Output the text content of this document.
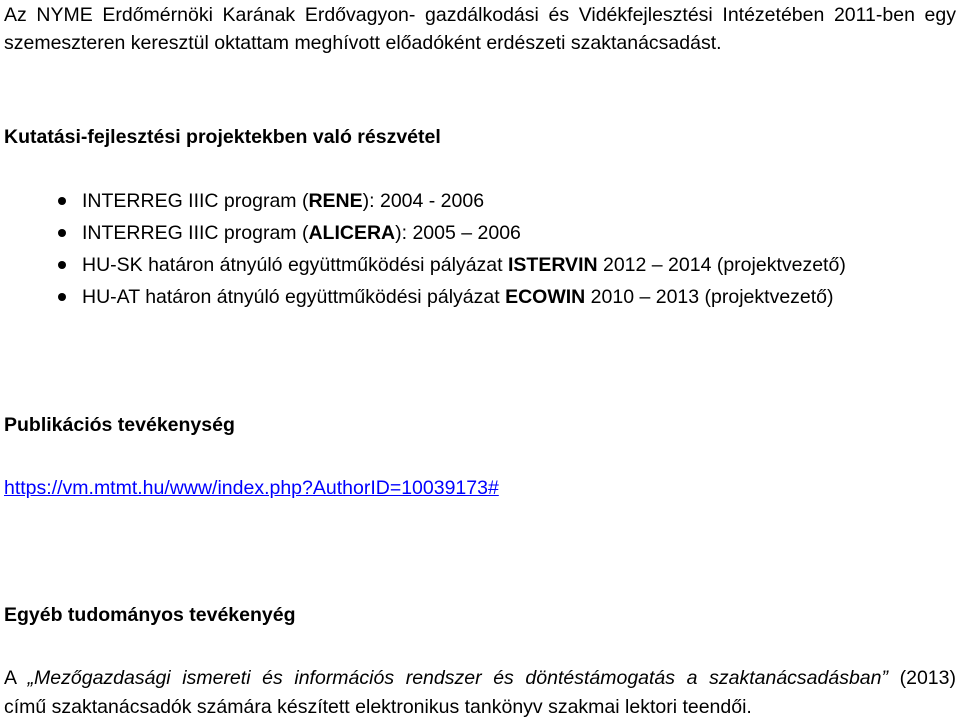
Az NYME Erdőmérnöki Karának Erdővagyon- gazdálkodási és Vidékfejlesztési Intézetében 2011-ben egy
szemeszteren keresztül oktattam meghívott előadóként erdészeti szaktanácsadást.
Kutatási-fejlesztési projektekben való részvétel
INTERREG IIIC program (RENE): 2004 - 2006
INTERREG IIIC program (ALICERA): 2005 – 2006
HU-SK határon átnyúló együttműködési pályázat ISTERVIN 2012 – 2014 (projektvezető)
HU-AT határon átnyúló együttműködési pályázat ECOWIN 2010 – 2013 (projektvezető)
Publikációs tevékenység
https://vm.mtmt.hu/www/index.php?AuthorID=10039173#
Egyéb tudományos tevékenyég
A „Mezőgazdasági ismereti és információs rendszer és döntéstámogatás a szaktanácsadásban” (2013)
című szaktanácsadók számára készített elektronikus tankönyv szakmai lektori teendői.
